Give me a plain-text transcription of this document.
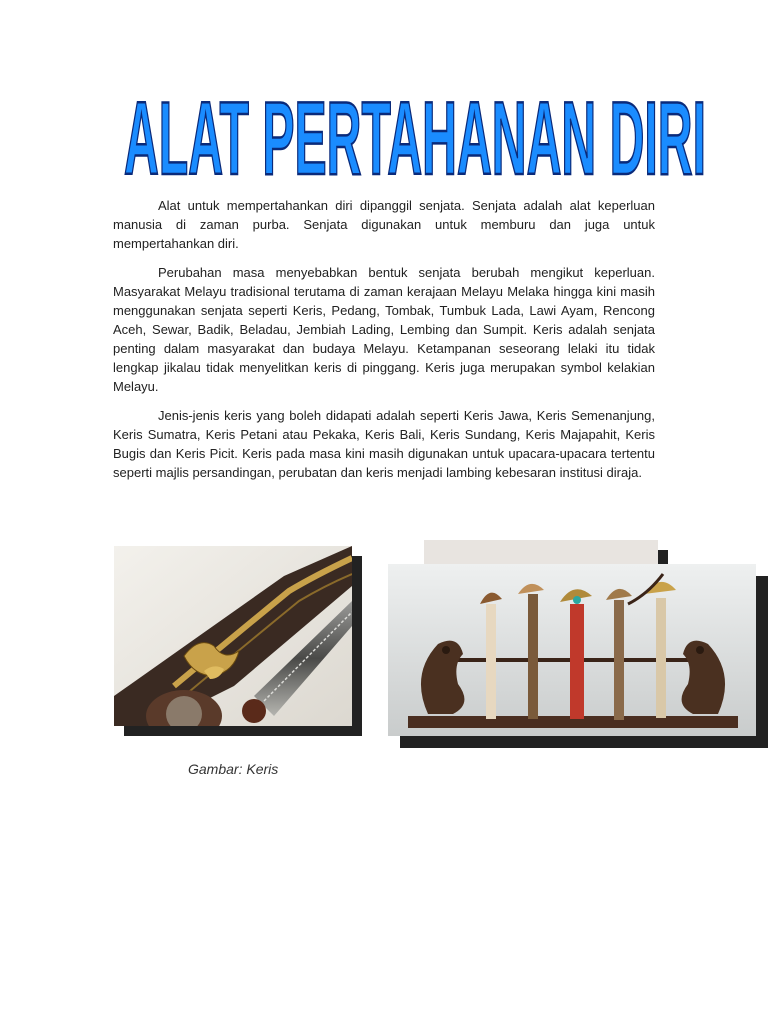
ALAT PERTAHANAN DIRI

Alat untuk mempertahankan diri dipanggil senjata. Senjata adalah alat keperluan manusia di zaman purba. Senjata digunakan untuk memburu dan juga untuk mempertahankan diri.

Perubahan masa menyebabkan bentuk senjata berubah mengikut keperluan. Masyarakat Melayu tradisional terutama di zaman kerajaan Melayu Melaka hingga kini masih menggunakan senjata seperti Keris, Pedang, Tombak, Tumbuk Lada, Lawi Ayam, Rencong Aceh, Sewar, Badik, Beladau, Jembiah Lading, Lembing dan Sumpit. Keris adalah senjata penting dalam masyarakat dan budaya Melayu. Ketampanan seseorang lelaki itu tidak lengkap jikalau tidak menyelitkan keris di pinggang. Keris juga merupakan symbol kelakian Melayu.

Jenis-jenis keris yang boleh didapati adalah seperti Keris Jawa, Keris Semenanjung, Keris Sumatra, Keris Petani atau Pekaka, Keris Bali, Keris Sundang, Keris Majapahit, Keris Bugis dan Keris Picit. Keris pada masa kini masih digunakan untuk upacara-upacara tertentu seperti majlis persandingan, perubatan dan keris menjadi lambing kebesaran institusi diraja.

Gambar: Keris
